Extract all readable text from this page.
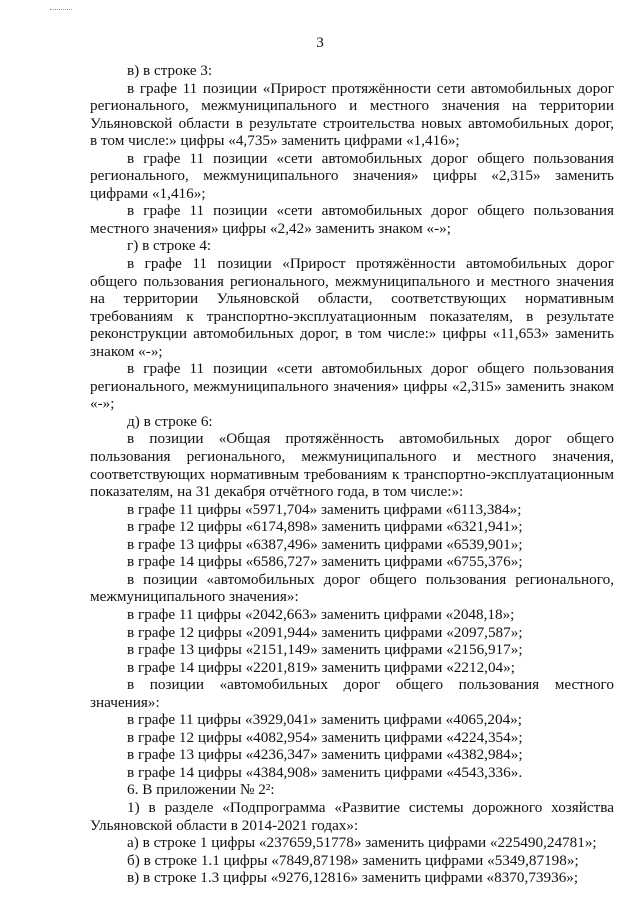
3
в) в строке 3:
в графе 11 позиции «Прирост протяжённости сети автомобильных дорог
регионального, межмуниципального и местного значения на территории
Ульяновской области в результате строительства новых автомобильных дорог,
в том числе:» цифры «4,735» заменить цифрами «1,416»;
в графе 11 позиции «сети автомобильных дорог общего пользования
регионального, межмуниципального значения» цифры «2,315» заменить
цифрами «1,416»;
в графе 11 позиции «сети автомобильных дорог общего пользования
местного значения» цифры «2,42» заменить знаком «-»;
г) в строке 4:
в графе 11 позиции «Прирост протяжённости автомобильных дорог
общего пользования регионального, межмуниципального и местного значения
на территории Ульяновской области, соответствующих нормативным
требованиям к транспортно-эксплуатационным показателям, в результате
реконструкции автомобильных дорог, в том числе:» цифры «11,653» заменить
знаком «-»;
в графе 11 позиции «сети автомобильных дорог общего пользования
регионального, межмуниципального значения» цифры «2,315» заменить знаком
«-»;
д) в строке 6:
в позиции «Общая протяжённость автомобильных дорог общего
пользования регионального, межмуниципального и местного значения,
соответствующих нормативным требованиям к транспортно-эксплуатационным
показателям, на 31 декабря отчётного года, в том числе:»:
в графе 11 цифры «5971,704» заменить цифрами «6113,384»;
в графе 12 цифры «6174,898» заменить цифрами «6321,941»;
в графе 13 цифры «6387,496» заменить цифрами «6539,901»;
в графе 14 цифры «6586,727» заменить цифрами «6755,376»;
в позиции «автомобильных дорог общего пользования регионального,
межмуниципального значения»:
в графе 11 цифры «2042,663» заменить цифрами «2048,18»;
в графе 12 цифры «2091,944» заменить цифрами «2097,587»;
в графе 13 цифры «2151,149» заменить цифрами «2156,917»;
в графе 14 цифры «2201,819» заменить цифрами «2212,04»;
в позиции «автомобильных дорог общего пользования местного
значения»:
в графе 11 цифры «3929,041» заменить цифрами «4065,204»;
в графе 12 цифры «4082,954» заменить цифрами «4224,354»;
в графе 13 цифры «4236,347» заменить цифрами «4382,984»;
в графе 14 цифры «4384,908» заменить цифрами «4543,336».
6. В приложении № 2²:
1) в разделе «Подпрограмма «Развитие системы дорожного хозяйства
Ульяновской области в 2014-2021 годах»:
а) в строке 1 цифры «237659,51778» заменить цифрами «225490,24781»;
б) в строке 1.1 цифры «7849,87198» заменить цифрами «5349,87198»;
в) в строке 1.3 цифры «9276,12816» заменить цифрами «8370,73936»;
